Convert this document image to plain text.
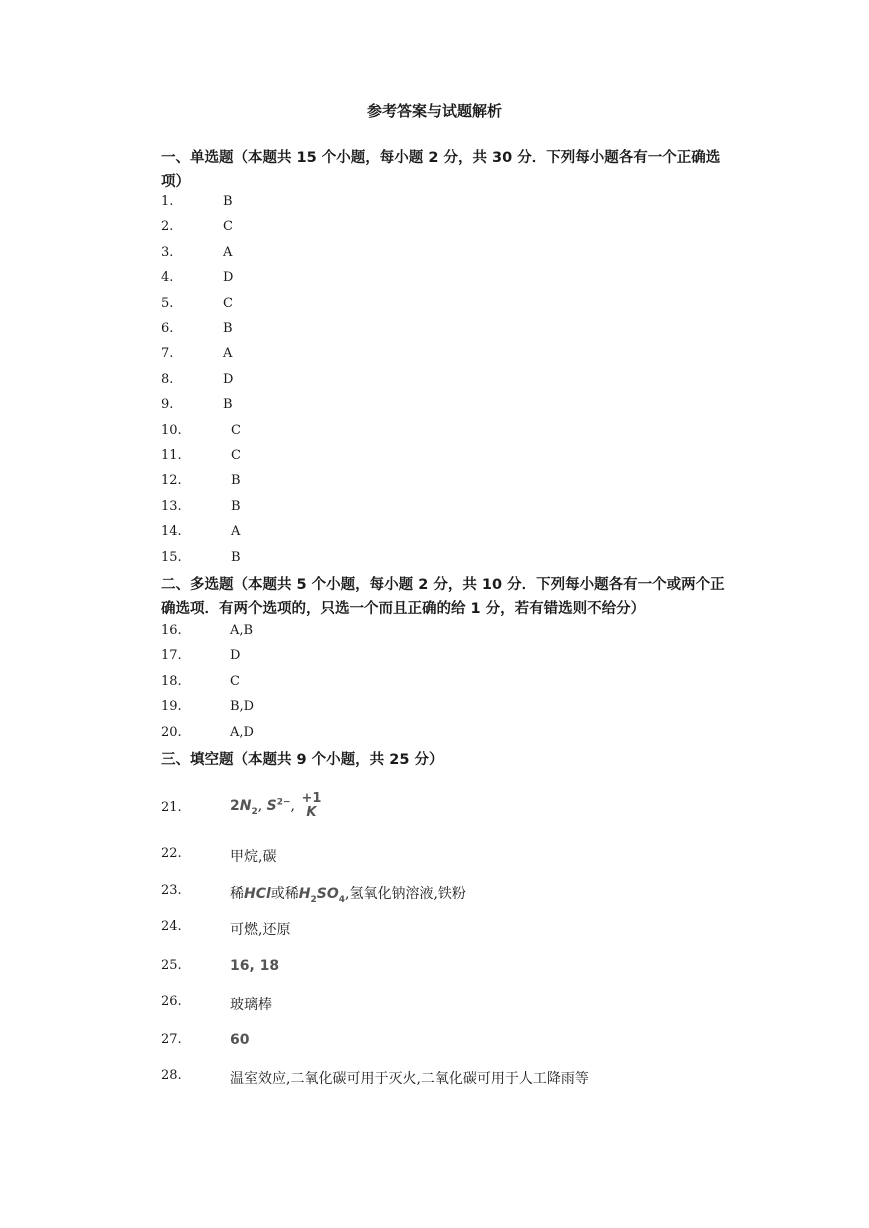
参考答案与试题解析
一、单选题（本题共 15 个小题，每小题 2 分，共 30 分．下列每小题各有一个正确选
项）
1.	B
2.	C
3.	A
4.	D
5.	C
6.	B
7.	A
8.	D
9.	B
10.	C
11.	C
12.	B
13.	B
14.	A
15.	B
二、多选题（本题共 5 个小题，每小题 2 分，共 10 分．下列每小题各有一个或两个正
确选项．有两个选项的，只选一个而且正确的给 1 分，若有错选则不给分）
16.	A,B
17.	D
18.	C
19.	B,D
20.	A,D
三、填空题（本题共 9 个小题，共 25 分）
21.	$2N_2$, $S^{2-}$, +1
K
22.	甲烷,碳
23.	稀HCl或稀$H_2SO_4$,氢氧化钠溶液,铁粉
24.	可燃,还原
25.	16, 18
26.	玻璃棒
27.	60
28.	温室效应,二氧化碳可用于灭火,二氧化碳可用于人工降雨等
